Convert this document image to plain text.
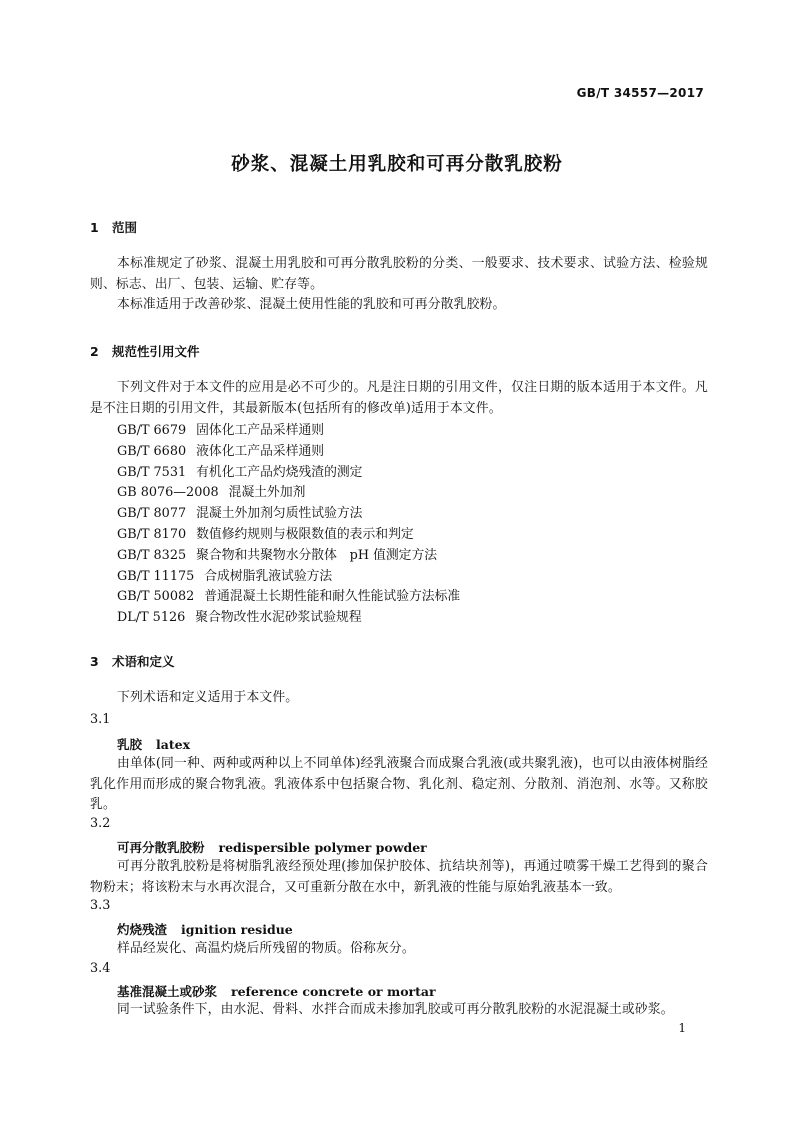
GB/T 34557—2017
砂浆、混凝土用乳胶和可再分散乳胶粉
1 范围
本标准规定了砂浆、混凝土用乳胶和可再分散乳胶粉的分类、一般要求、技术要求、试验方法、检验规则、标志、出厂、包装、运输、贮存等。
本标准适用于改善砂浆、混凝土使用性能的乳胶和可再分散乳胶粉。
2 规范性引用文件
下列文件对于本文件的应用是必不可少的。凡是注日期的引用文件，仅注日期的版本适用于本文件。凡是不注日期的引用文件，其最新版本(包括所有的修改单)适用于本文件。
GB/T 6679 固体化工产品采样通则
GB/T 6680 液体化工产品采样通则
GB/T 7531 有机化工产品灼烧残渣的测定
GB 8076—2008 混凝土外加剂
GB/T 8077 混凝土外加剂匀质性试验方法
GB/T 8170 数值修约规则与极限数值的表示和判定
GB/T 8325 聚合物和共聚物水分散体　pH 值测定方法
GB/T 11175 合成树脂乳液试验方法
GB/T 50082 普通混凝土长期性能和耐久性能试验方法标准
DL/T 5126 聚合物改性水泥砂浆试验规程
3 术语和定义
下列术语和定义适用于本文件。
3.1
乳胶 latex
由单体(同一种、两种或两种以上不同单体)经乳液聚合而成聚合乳液(或共聚乳液)，也可以由液体树脂经乳化作用而形成的聚合物乳液。乳液体系中包括聚合物、乳化剂、稳定剂、分散剂、消泡剂、水等。又称胶乳。
3.2
可再分散乳胶粉 redispersible polymer powder
可再分散乳胶粉是将树脂乳液经预处理(掺加保护胶体、抗结块剂等)，再通过喷雾干燥工艺得到的聚合物粉末；将该粉末与水再次混合，又可重新分散在水中，新乳液的性能与原始乳液基本一致。
3.3
灼烧残渣 ignition residue
样品经炭化、高温灼烧后所残留的物质。俗称灰分。
3.4
基准混凝土或砂浆 reference concrete or mortar
同一试验条件下，由水泥、骨料、水拌合而成未掺加乳胶或可再分散乳胶粉的水泥混凝土或砂浆。
1
